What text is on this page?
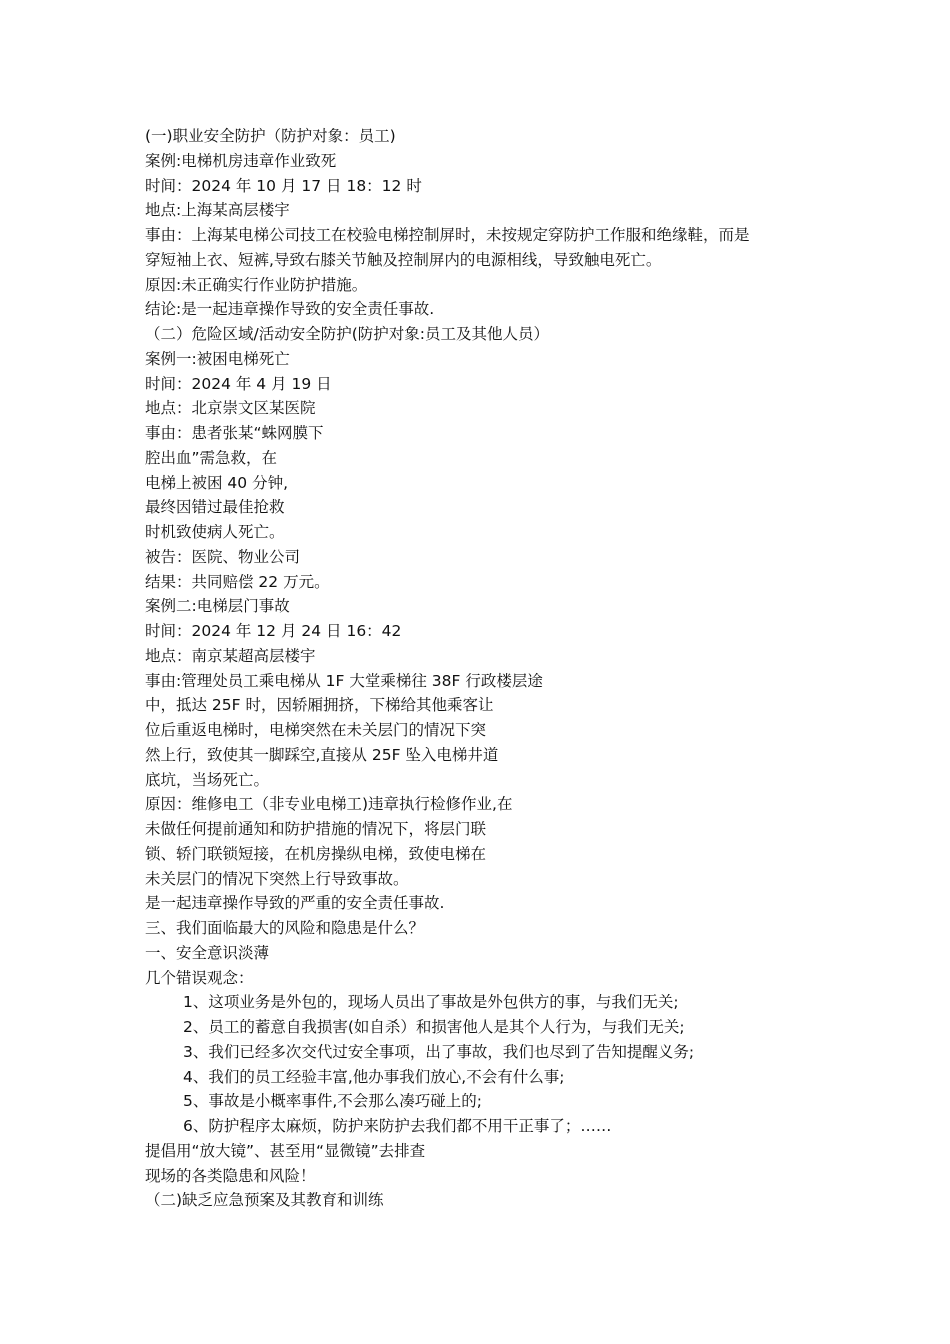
(一)职业安全防护（防护对象：员工)

案例:电梯机房违章作业致死

时间：2024 年 10 月 17 日 18：12 时

地点:上海某高层楼宇

事由：上海某电梯公司技工在校验电梯控制屏时，未按规定穿防护工作服和绝缘鞋，而是

穿短袖上衣、短裤,导致右膝关节触及控制屏内的电源相线，导致触电死亡。

原因:未正确实行作业防护措施。

结论:是一起违章操作导致的安全责任事故.

（二）危险区域/活动安全防护(防护对象:员工及其他人员）

案例一:被困电梯死亡

时间：2024 年 4 月 19 日

地点：北京崇文区某医院

事由：患者张某“蛛网膜下

腔出血”需急救，在

电梯上被困 40 分钟,

最终因错过最佳抢救

时机致使病人死亡。

被告：医院、物业公司

结果：共同赔偿 22 万元。

案例二:电梯层门事故

时间：2024 年 12 月 24 日 16：42

地点：南京某超高层楼宇

事由:管理处员工乘电梯从 1F 大堂乘梯往 38F 行政楼层途

中，抵达 25F 时，因轿厢拥挤，下梯给其他乘客让

位后重返电梯时，电梯突然在未关层门的情况下突

然上行，致使其一脚踩空,直接从 25F 坠入电梯井道

底坑，当场死亡。

原因：维修电工（非专业电梯工)违章执行检修作业,在

未做任何提前通知和防护措施的情况下，将层门联

锁、轿门联锁短接，在机房操纵电梯，致使电梯在

未关层门的情况下突然上行导致事故。

是一起违章操作导致的严重的安全责任事故.

三、我们面临最大的风险和隐患是什么？

一、安全意识淡薄

几个错误观念：

1、这项业务是外包的，现场人员出了事故是外包供方的事，与我们无关;

2、员工的蓄意自我损害(如自杀）和损害他人是其个人行为，与我们无关;

3、我们已经多次交代过安全事项，出了事故，我们也尽到了告知提醒义务;

4、我们的员工经验丰富,他办事我们放心,不会有什么事;

5、事故是小概率事件,不会那么凑巧碰上的;

6、防护程序太麻烦，防护来防护去我们都不用干正事了；……

提倡用“放大镜”、甚至用“显微镜”去排查

现场的各类隐患和风险！

（二)缺乏应急预案及其教育和训练
